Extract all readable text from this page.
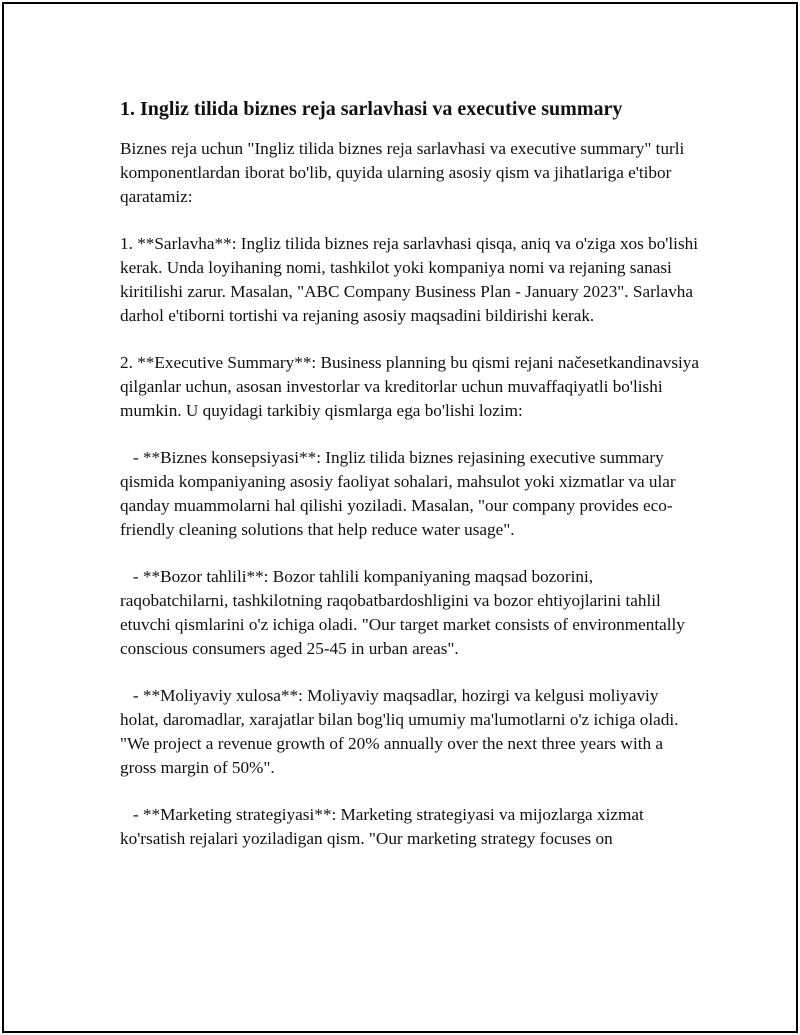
1. Ingliz tilida biznes reja sarlavhasi va executive summary

Biznes reja uchun "Ingliz tilida biznes reja sarlavhasi va executive summary" turli komponentlardan iborat bo'lib, quyida ularning asosiy qism va jihatlariga e'tibor qaratamiz:

1. **Sarlavha**: Ingliz tilida biznes reja sarlavhasi qisqa, aniq va o'ziga xos bo'lishi kerak. Unda loyihaning nomi, tashkilot yoki kompaniya nomi va rejaning sanasi kiritilishi zarur. Masalan, "ABC Company Business Plan - January 2023". Sarlavha darhol e'tiborni tortishi va rejaning asosiy maqsadini bildirishi kerak.

2. **Executive Summary**: Business planning bu qismi rejani načesetkandinavsiya qilganlar uchun, asosan investorlar va kreditorlar uchun muvaffaqiyatli bo'lishi mumkin. U quyidagi tarkibiy qismlarga ega bo'lishi lozim:

- **Biznes konsepsiyasi**: Ingliz tilida biznes rejasining executive summary qismida kompaniyaning asosiy faoliyat sohalari, mahsulot yoki xizmatlar va ular qanday muammolarni hal qilishi yoziladi. Masalan, "our company provides eco-friendly cleaning solutions that help reduce water usage".

- **Bozor tahlili**: Bozor tahlili kompaniyaning maqsad bozorini, raqobatchilarni, tashkilotning raqobatbardoshligini va bozor ehtiyojlarini tahlil etuvchi qismlarini o'z ichiga oladi. "Our target market consists of environmentally conscious consumers aged 25-45 in urban areas".

- **Moliyaviy xulosa**: Moliyaviy maqsadlar, hozirgi va kelgusi moliyaviy holat, daromadlar, xarajatlar bilan bog'liq umumiy ma'lumotlarni o'z ichiga oladi. "We project a revenue growth of 20% annually over the next three years with a gross margin of 50%".

- **Marketing strategiyasi**: Marketing strategiyasi va mijozlarga xizmat ko'rsatish rejalari yoziladigan qism. "Our marketing strategy focuses on
